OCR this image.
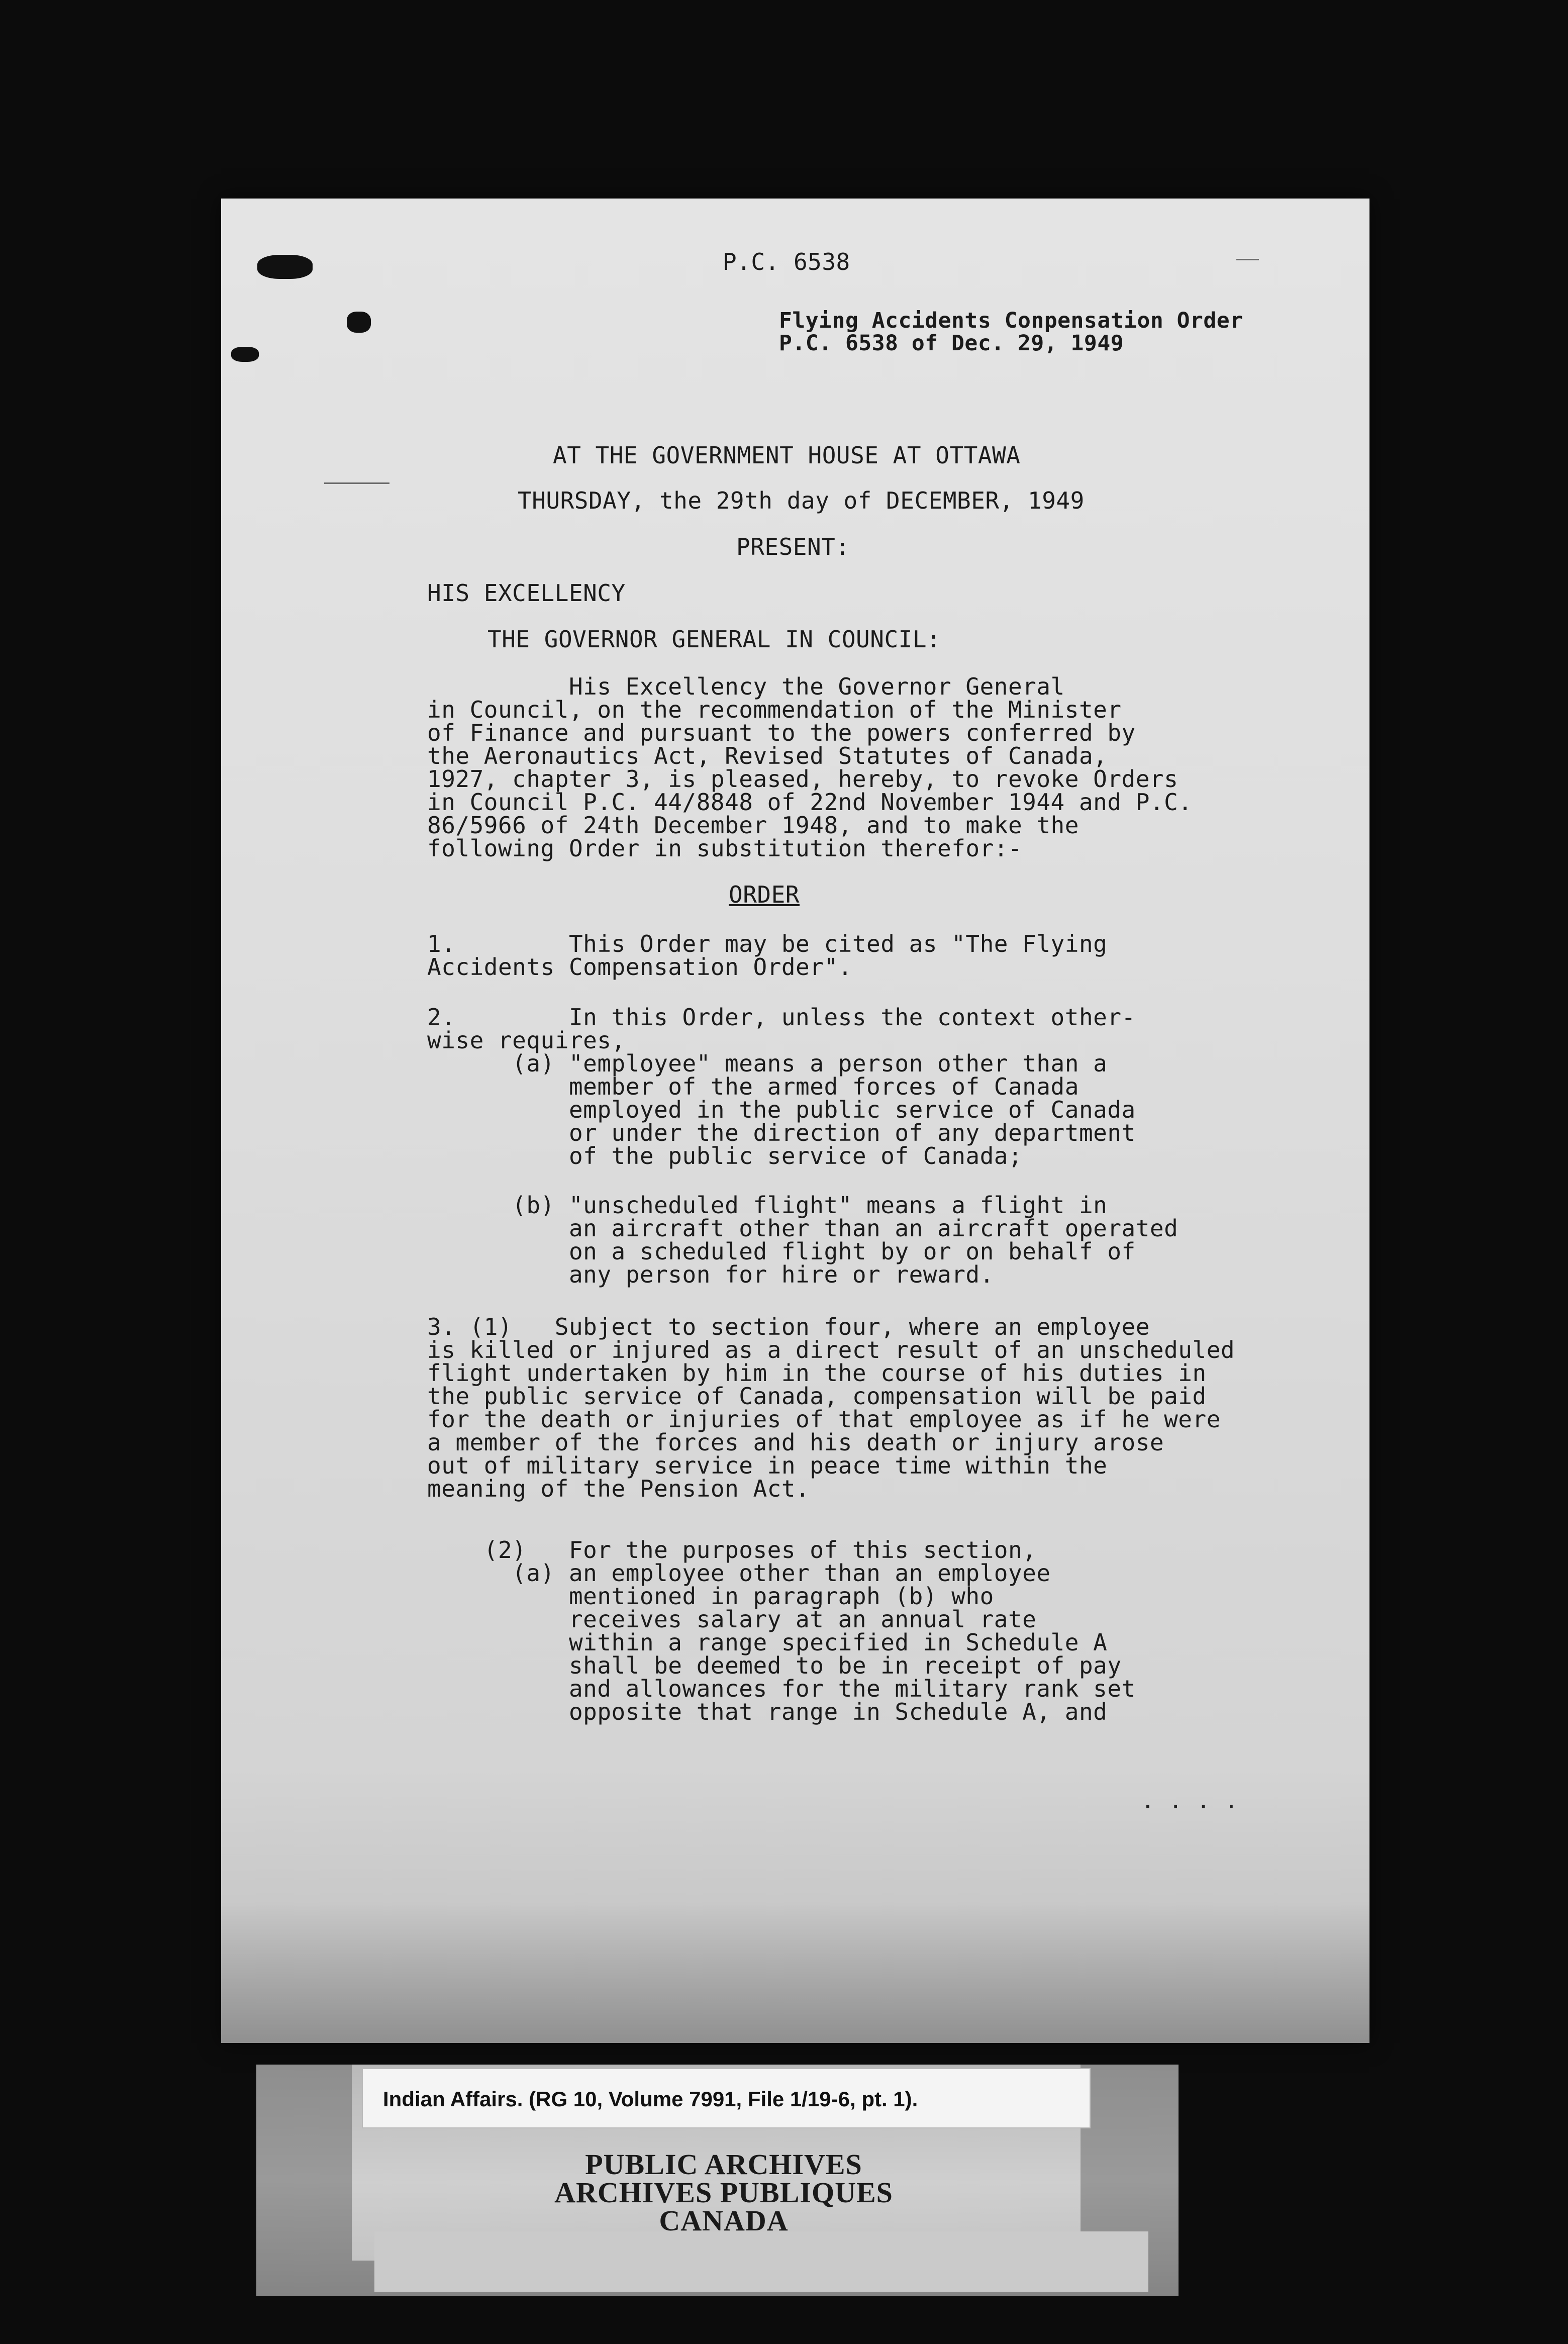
P.C. 6538
Flying Accidents Conpensation Order
P.C. 6538 of Dec. 29, 1949
AT THE GOVERNMENT HOUSE AT OTTAWA
THURSDAY, the 29th day of DECEMBER, 1949
PRESENT:
HIS EXCELLENCY
THE GOVERNOR GENERAL IN COUNCIL:
His Excellency the Governor General
in Council, on the recommendation of the Minister
of Finance and pursuant to the powers conferred by
the Aeronautics Act, Revised Statutes of Canada,
1927, chapter 3, is pleased, hereby, to revoke Orders
in Council P.C. 44/8848 of 22nd November 1944 and P.C.
86/5966 of 24th December 1948, and to make the
following Order in substitution therefor:-
ORDER
1.        This Order may be cited as "The Flying
Accidents Compensation Order".
2.        In this Order, unless the context other-
wise requires,
(a) "employee" means a person other than a
member of the armed forces of Canada
employed in the public service of Canada
or under the direction of any department
of the public service of Canada;
(b) "unscheduled flight" means a flight in
an aircraft other than an aircraft operated
on a scheduled flight by or on behalf of
any person for hire or reward.
3. (1)   Subject to section four, where an employee
is killed or injured as a direct result of an unscheduled
flight undertaken by him in the course of his duties in
the public service of Canada, compensation will be paid
for the death or injuries of that employee as if he were
a member of the forces and his death or injury arose
out of military service in peace time within the
meaning of the Pension Act.
(2)   For the purposes of this section,
(a) an employee other than an employee
mentioned in paragraph (b) who
receives salary at an annual rate
within a range specified in Schedule A
shall be deemed to be in receipt of pay
and allowances for the military rank set
opposite that range in Schedule A, and
. . . .
Indian Affairs. (RG 10, Volume 7991, File 1/19-6, pt. 1).
PUBLIC ARCHIVES
ARCHIVES PUBLIQUES
CANADA
